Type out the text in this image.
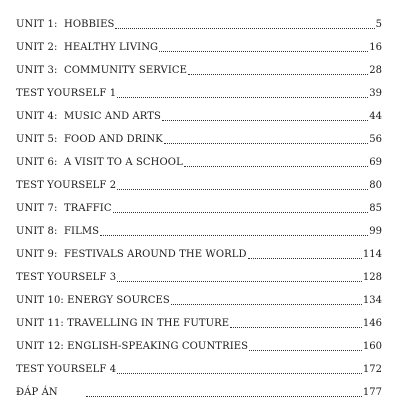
UNIT 1: HOBBIES	5
UNIT 2: HEALTHY LIVING	16
UNIT 3: COMMUNITY SERVICE	28
TEST YOURSELF 1	39
UNIT 4: MUSIC AND ARTS	44
UNIT 5: FOOD AND DRINK	56
UNIT 6: A VISIT TO A SCHOOL	69
TEST YOURSELF 2	80
UNIT 7: TRAFFIC	85
UNIT 8: FILMS	99
UNIT 9: FESTIVALS AROUND THE WORLD	114
TEST YOURSELF 3	128
UNIT 10: ENERGY SOURCES	134
UNIT 11: TRAVELLING IN THE FUTURE	146
UNIT 12: ENGLISH-SPEAKING COUNTRIES	160
TEST YOURSELF 4	172
ĐÁP ÁN	177
